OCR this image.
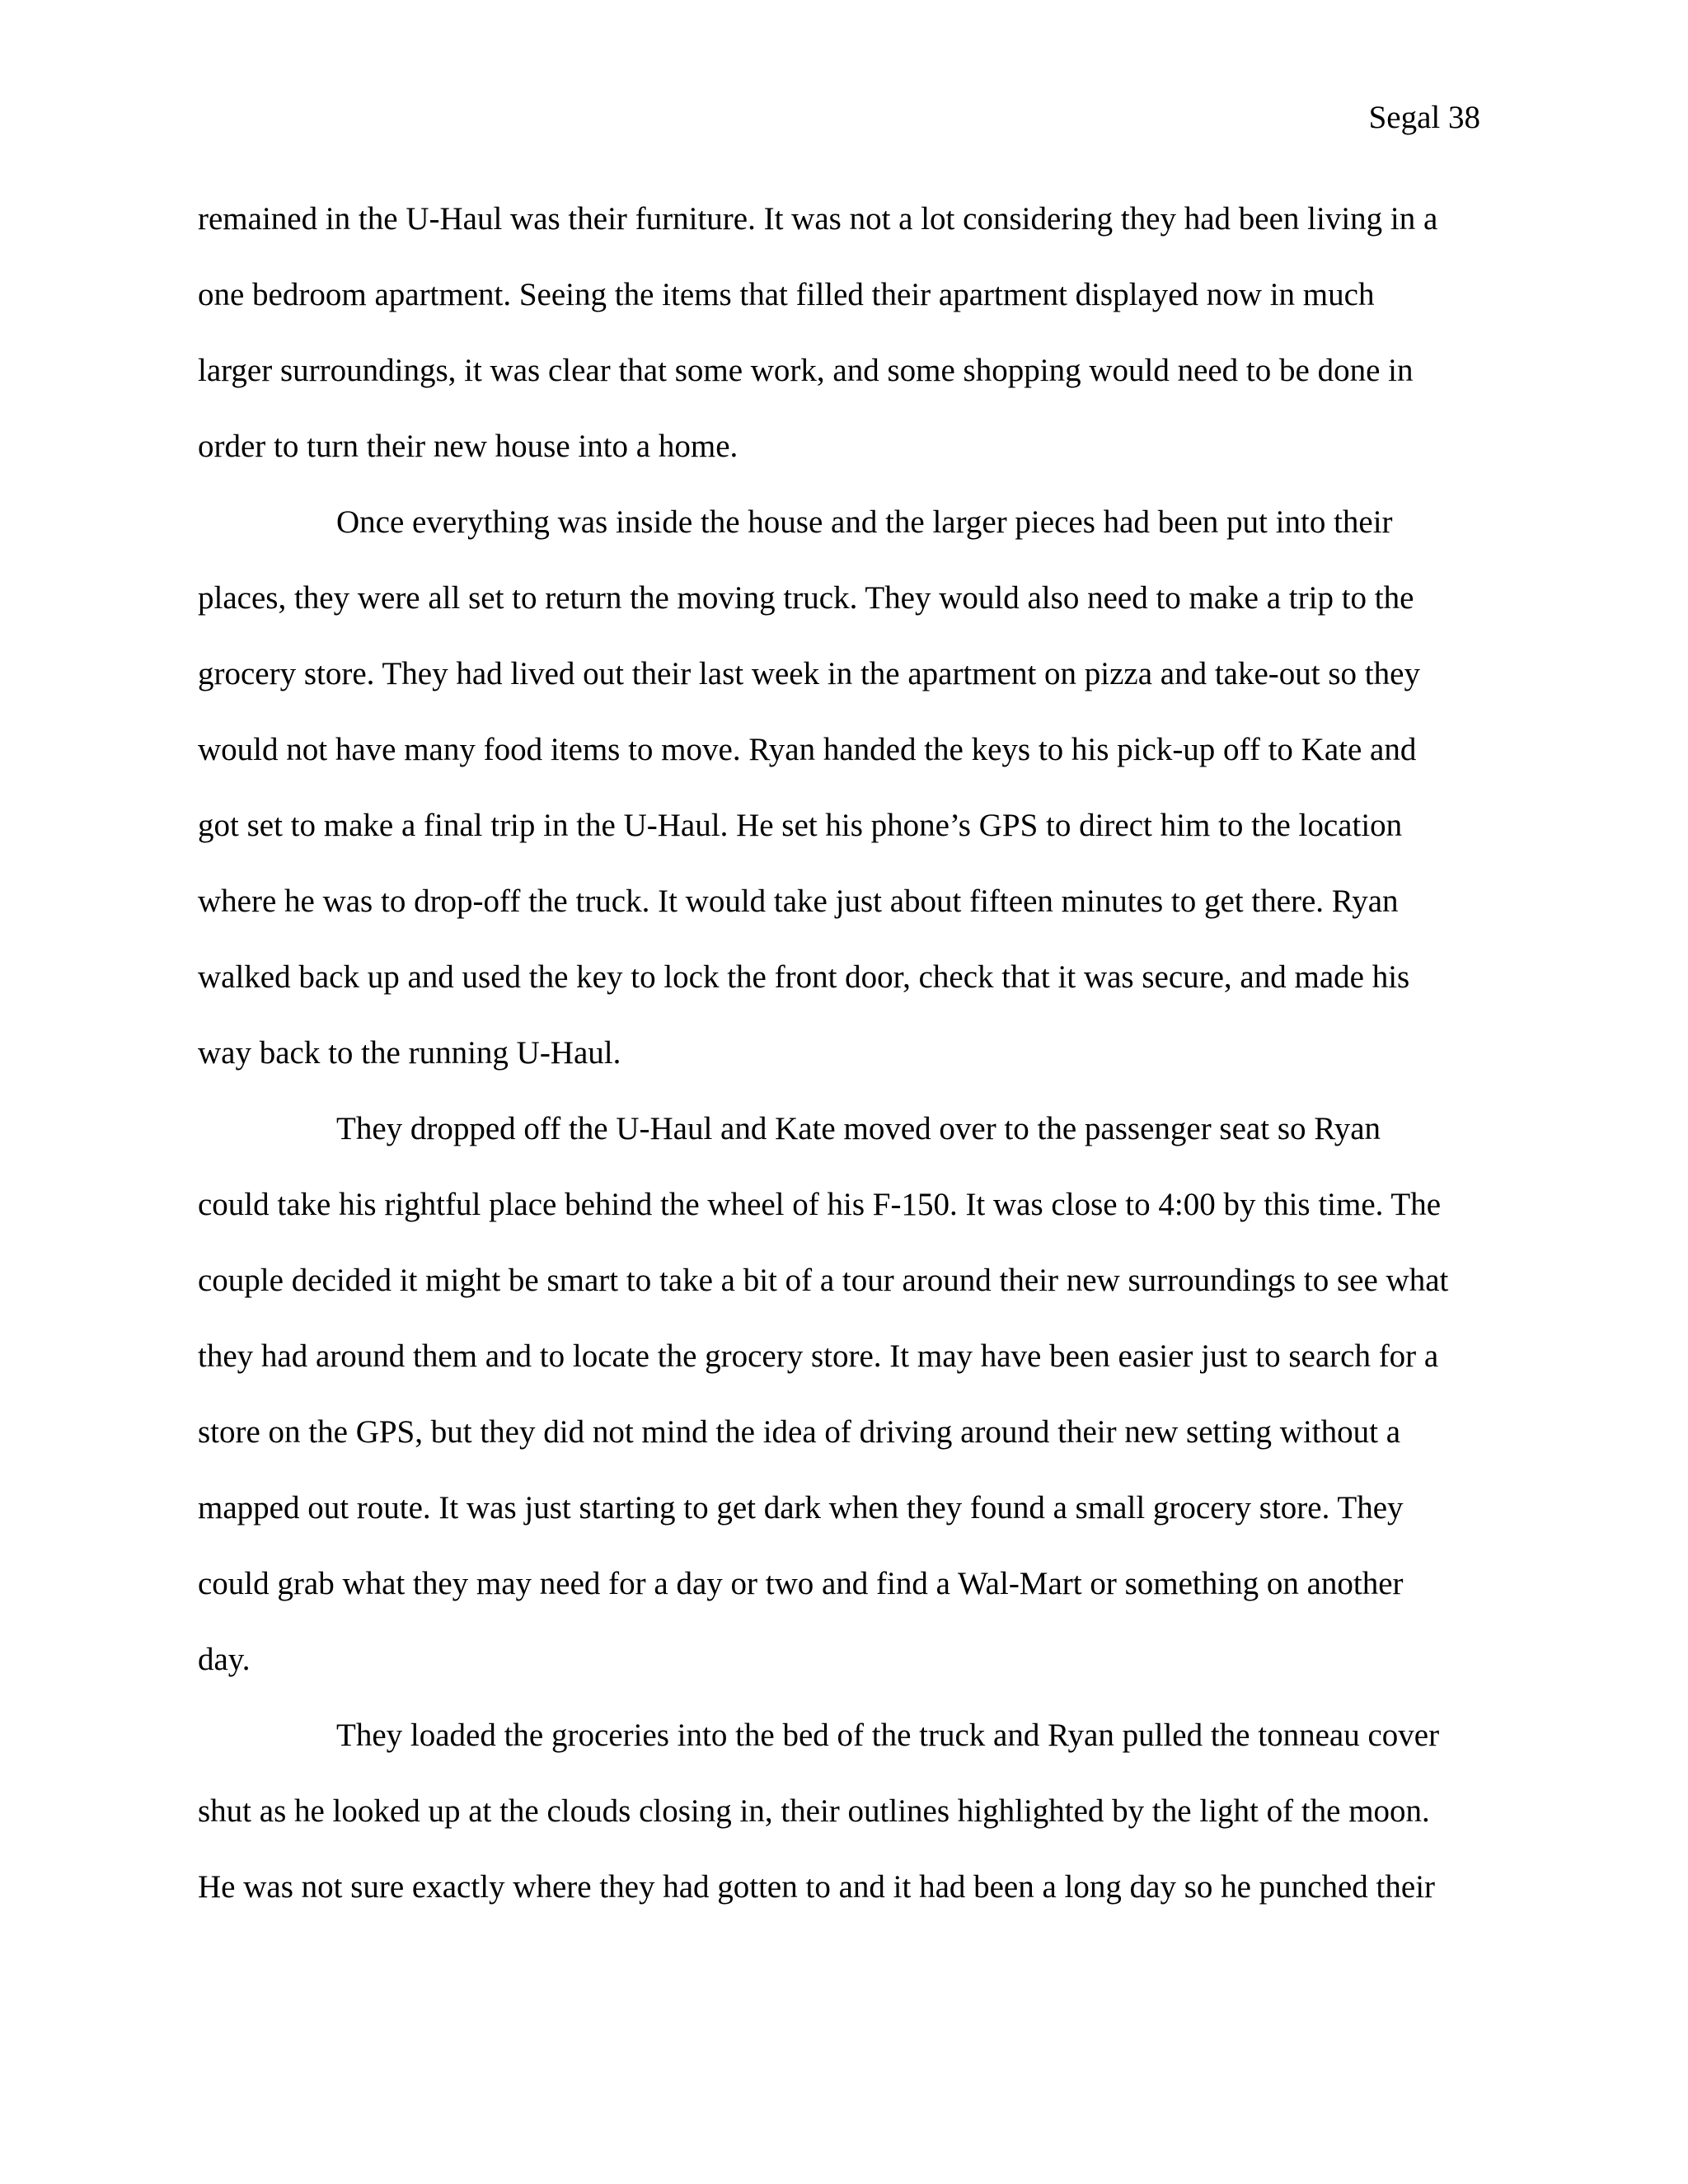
Segal 38
remained in the U-Haul was their furniture. It was not a lot considering they had been living in a
one bedroom apartment. Seeing the items that filled their apartment displayed now in much
larger surroundings, it was clear that some work, and some shopping would need to be done in
order to turn their new house into a home.
Once everything was inside the house and the larger pieces had been put into their
places, they were all set to return the moving truck. They would also need to make a trip to the
grocery store. They had lived out their last week in the apartment on pizza and take-out so they
would not have many food items to move. Ryan handed the keys to his pick-up off to Kate and
got set to make a final trip in the U-Haul. He set his phone’s GPS to direct him to the location
where he was to drop-off the truck. It would take just about fifteen minutes to get there. Ryan
walked back up and used the key to lock the front door, check that it was secure, and made his
way back to the running U-Haul.
They dropped off the U-Haul and Kate moved over to the passenger seat so Ryan
could take his rightful place behind the wheel of his F-150. It was close to 4:00 by this time. The
couple decided it might be smart to take a bit of a tour around their new surroundings to see what
they had around them and to locate the grocery store. It may have been easier just to search for a
store on the GPS, but they did not mind the idea of driving around their new setting without a
mapped out route. It was just starting to get dark when they found a small grocery store. They
could grab what they may need for a day or two and find a Wal-Mart or something on another
day.
They loaded the groceries into the bed of the truck and Ryan pulled the tonneau cover
shut as he looked up at the clouds closing in, their outlines highlighted by the light of the moon.
He was not sure exactly where they had gotten to and it had been a long day so he punched their
